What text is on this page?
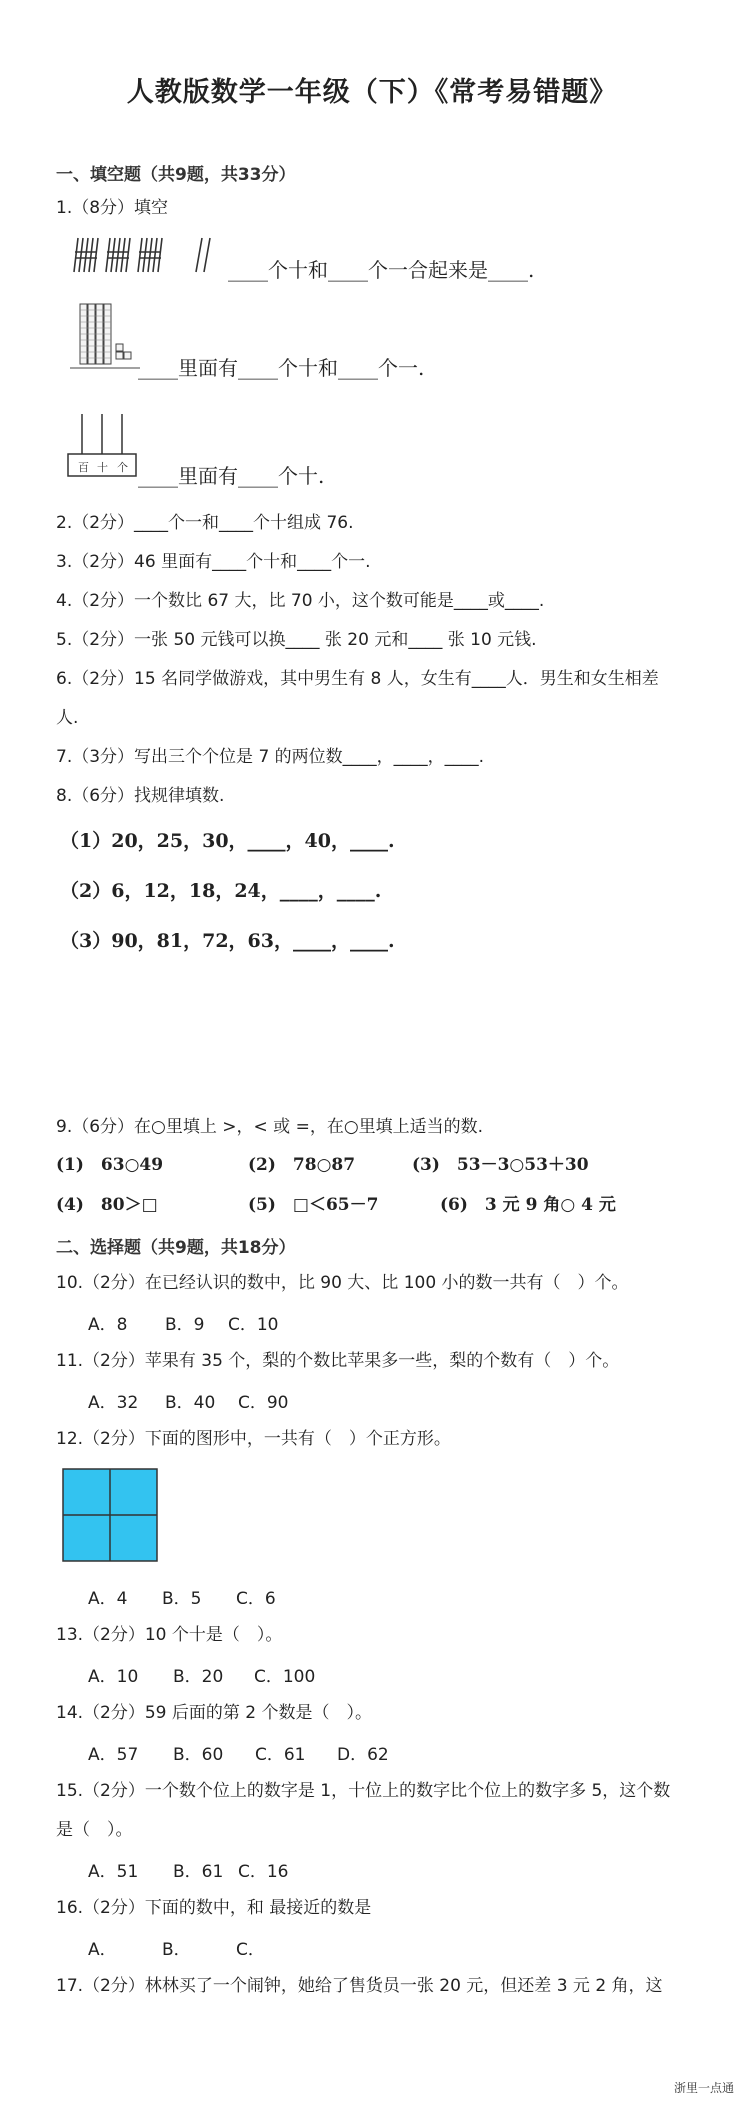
人教版数学一年级（下）《常考易错题》
一、填空题（共9题，共33分）
1.（8分）填空
____个十和____个一合起来是____.
____里面有____个十和____个一.
百 十 个 ____里面有____个十.
2.（2分）____个一和____个十组成 76.
3.（2分）46 里面有____个十和____个一.
4.（2分）一个数比 67 大，比 70 小，这个数可能是____或____.
5.（2分）一张 50 元钱可以换____ 张 20 元和____ 张 10 元钱.
6.（2分）15 名同学做游戏，其中男生有 8 人，女生有____人．男生和女生相差
人.
7.（3分）写出三个个位是 7 的两位数____，____，____.
8.（6分）找规律填数.
（1）20，25，30，____，40，____.
（2）6，12，18，24，____，____.
（3）90，81，72，63，____，____.
9.（6分）在○里填上 >，< 或 =，在○里填上适当的数.
(1)　63○49	(2)　78○87	(3)　53－3○53＋30
(4)　80＞□	(5)　□＜65－7	(6)　3 元 9 角○ 4 元
二、选择题（共9题，共18分）
10.（2分）在已经认识的数中，比 90 大、比 100 小的数一共有（　）个。
A．8 B．9 C．10
11.（2分）苹果有 35 个，梨的个数比苹果多一些，梨的个数有（　）个。
A．32 B．40 C．90
12.（2分）下面的图形中，一共有（　）个正方形。
A．4 B．5 C．6
13.（2分）10 个十是（　）。
A．10 B．20 C．100
14.（2分）59 后面的第 2 个数是（　）。
A．57 B．60 C．61 D．62
15.（2分）一个数个位上的数字是 1，十位上的数字比个位上的数字多 5，这个数
是（　）。
A．51 B．61 C．16
16.（2分）下面的数中，和 最接近的数是
A．	B．	C．
17.（2分）林林买了一个闹钟，她给了售货员一张 20 元，但还差 3 元 2 角，这
浙里一点通
